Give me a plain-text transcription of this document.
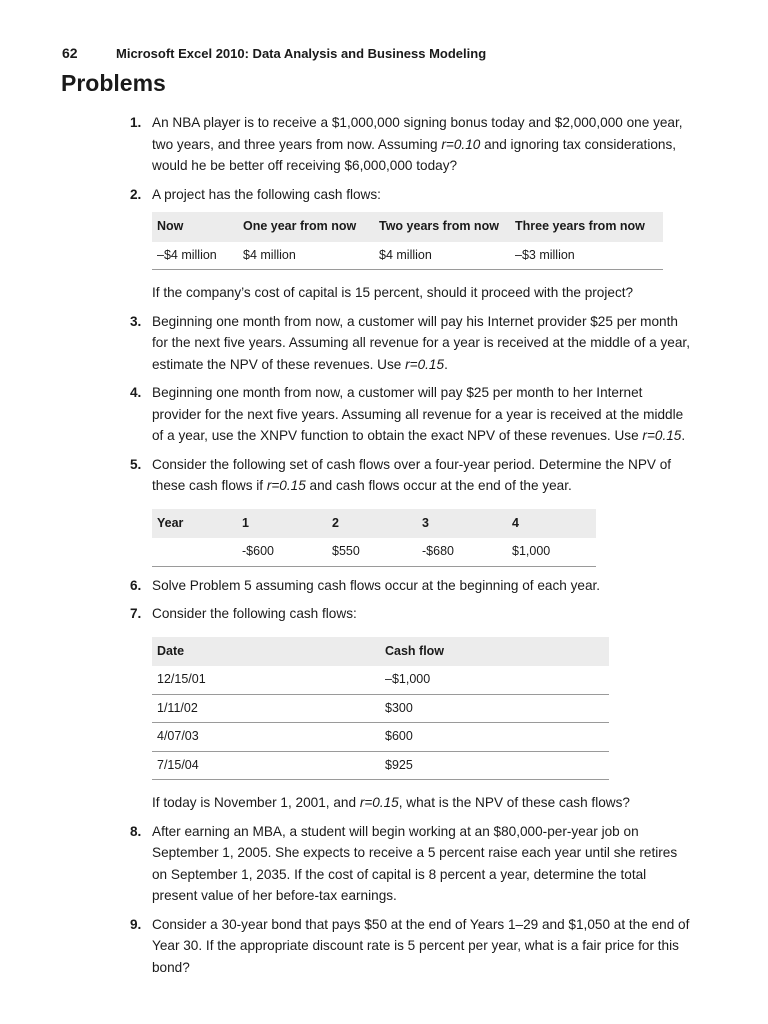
62	Microsoft Excel 2010: Data Analysis and Business Modeling
Problems
1. An NBA player is to receive a $1,000,000 signing bonus today and $2,000,000 one year, two years, and three years from now. Assuming r=0.10 and ignoring tax considerations, would he be better off receiving $6,000,000 today?

2. A project has the following cash flows:

Now	One year from now	Two years from now	Three years from now
–$4 million	$4 million	$4 million	–$3 million

If the company’s cost of capital is 15 percent, should it proceed with the project?

3. Beginning one month from now, a customer will pay his Internet provider $25 per month for the next five years. Assuming all revenue for a year is received at the middle of a year, estimate the NPV of these revenues. Use r=0.15.

4. Beginning one month from now, a customer will pay $25 per month to her Internet provider for the next five years. Assuming all revenue for a year is received at the middle of a year, use the XNPV function to obtain the exact NPV of these revenues. Use r=0.15.

5. Consider the following set of cash flows over a four-year period. Determine the NPV of these cash flows if r=0.15 and cash flows occur at the end of the year.

Year	1	2	3	4
	-$600	$550	-$680	$1,000
6. Solve Problem 5 assuming cash flows occur at the beginning of each year.

7. Consider the following cash flows:

Date	Cash flow
12/15/01	–$1,000
1/11/02	$300
4/07/03	$600
7/15/04	$925

If today is November 1, 2001, and r=0.15, what is the NPV of these cash flows?

8. After earning an MBA, a student will begin working at an $80,000-per-year job on September 1, 2005. She expects to receive a 5 percent raise each year until she retires on September 1, 2035. If the cost of capital is 8 percent a year, determine the total present value of her before-tax earnings.

9. Consider a 30-year bond that pays $50 at the end of Years 1–29 and $1,050 at the end of Year 30. If the appropriate discount rate is 5 percent per year, what is a fair price for this bond?
